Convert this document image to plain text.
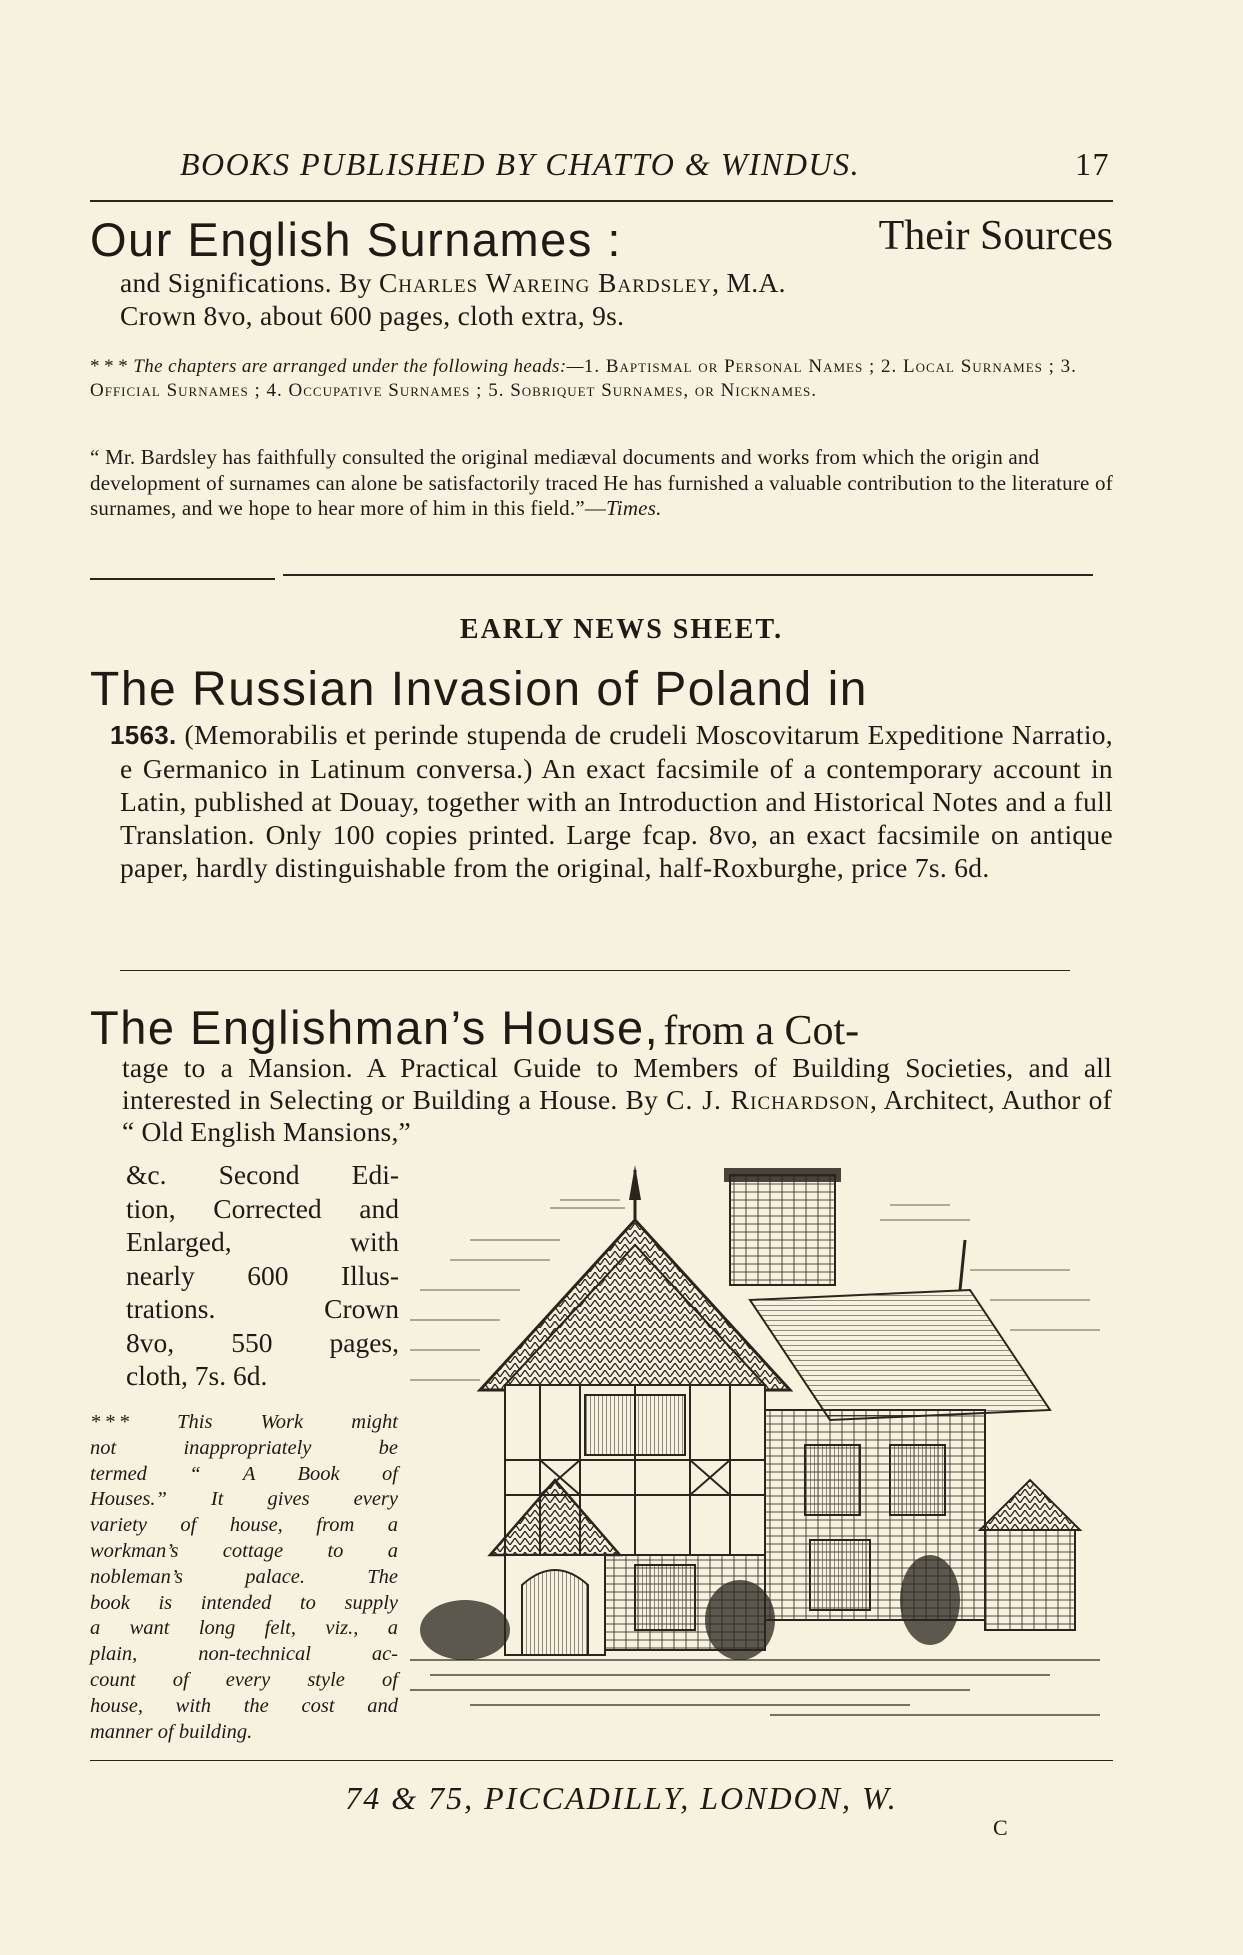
BOOKS PUBLISHED BY CHATTO & WINDUS.	17
Our English Surnames :	Their Sources
and Significations. By Charles Wareing Bardsley, M.A.
Crown 8vo, about 600 pages, cloth extra, 9s.
* * * The chapters are arranged under the following heads:—1. Baptismal or Personal Names ; 2. Local Surnames ; 3. Official Surnames ; 4. Occupative Surnames ; 5. Sobriquet Surnames, or Nicknames.
“ Mr. Bardsley has faithfully consulted the original mediæval documents and works from which the origin and development of surnames can alone be satisfactorily traced He has furnished a valuable contribution to the literature of surnames, and we hope to hear more of him in this field.”—Times.
EARLY NEWS SHEET.
The Russian Invasion of Poland in
1563. (Memorabilis et perinde stupenda de crudeli Moscovitarum Expeditione Narratio, e Germanico in Latinum conversa.) An exact facsimile of a contemporary account in Latin, published at Douay, together with an Introduction and Historical Notes and a full Translation. Only 100 copies printed. Large fcap. 8vo, an exact facsimile on antique paper, hardly distinguishable from the original, half-Roxburghe, price 7s. 6d.
The Englishman’s House, from a Cot-
tage to a Mansion. A Practical Guide to Members of Building Societies, and all interested in Selecting or Building a House. By C. J. Richardson, Architect, Author of “ Old English Mansions,”
&c. Second Edi-
tion, Corrected and
Enlarged, with
nearly 600 Illus-
trations. Crown
8vo, 550 pages,
cloth, 7s. 6d.
* * * This Work might
not inappropriately be
termed “ A Book of
Houses.” It gives every
variety of house, from a
workman’s cottage to a
nobleman’s palace. The
book is intended to supply
a want long felt, viz., a
plain, non-technical ac-
count of every style of
house, with the cost and
manner of building.
74 & 75, PICCADILLY, LONDON, W.
C
